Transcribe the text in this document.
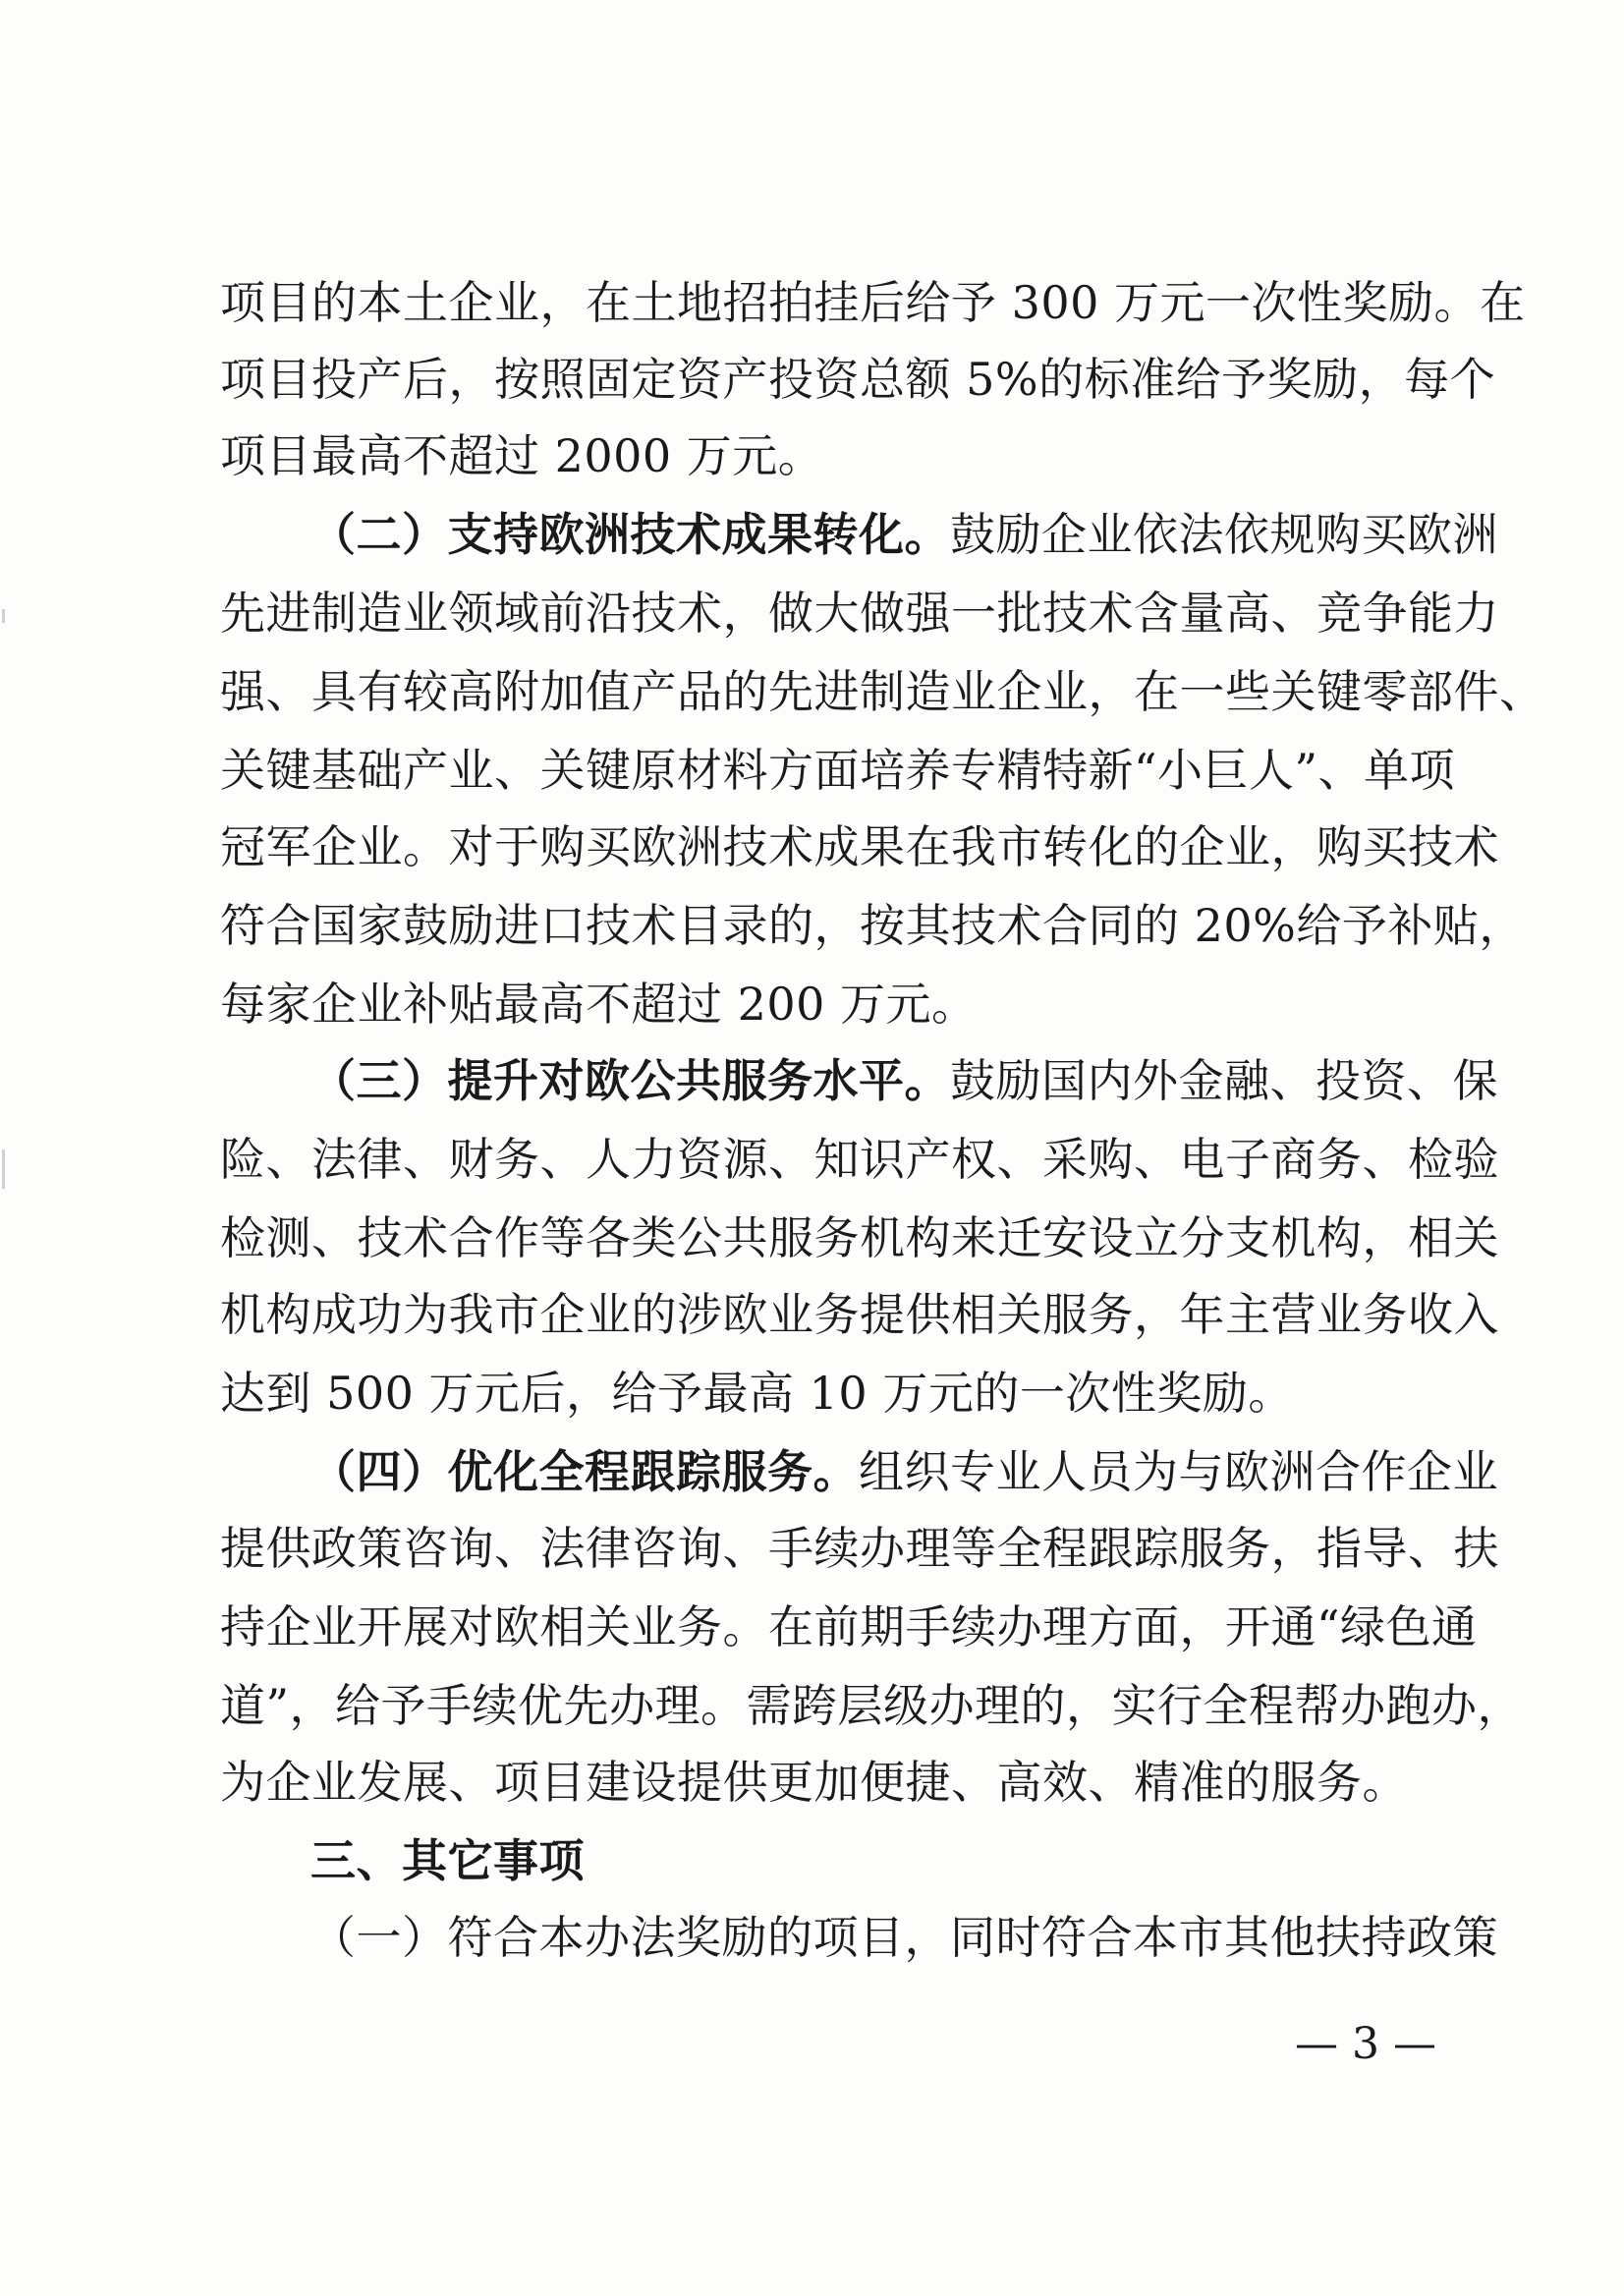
项目的本土企业，在土地招拍挂后给予 300 万元一次性奖励。在
项目投产后，按照固定资产投资总额 5%的标准给予奖励，每个
项目最高不超过 2000 万元。
（二）支持欧洲技术成果转化。鼓励企业依法依规购买欧洲
先进制造业领域前沿技术，做大做强一批技术含量高、竞争能力
强、具有较高附加值产品的先进制造业企业，在一些关键零部件、
关键基础产业、关键原材料方面培养专精特新“小巨人”、单项
冠军企业。对于购买欧洲技术成果在我市转化的企业，购买技术
符合国家鼓励进口技术目录的，按其技术合同的 20%给予补贴，
每家企业补贴最高不超过 200 万元。
（三）提升对欧公共服务水平。鼓励国内外金融、投资、保
险、法律、财务、人力资源、知识产权、采购、电子商务、检验
检测、技术合作等各类公共服务机构来迁安设立分支机构，相关
机构成功为我市企业的涉欧业务提供相关服务，年主营业务收入
达到 500 万元后，给予最高 10 万元的一次性奖励。
（四）优化全程跟踪服务。组织专业人员为与欧洲合作企业
提供政策咨询、法律咨询、手续办理等全程跟踪服务，指导、扶
持企业开展对欧相关业务。在前期手续办理方面，开通“绿色通
道”，给予手续优先办理。需跨层级办理的，实行全程帮办跑办，
为企业发展、项目建设提供更加便捷、高效、精准的服务。
三、其它事项
（一）符合本办法奖励的项目，同时符合本市其他扶持政策
— 3 —
